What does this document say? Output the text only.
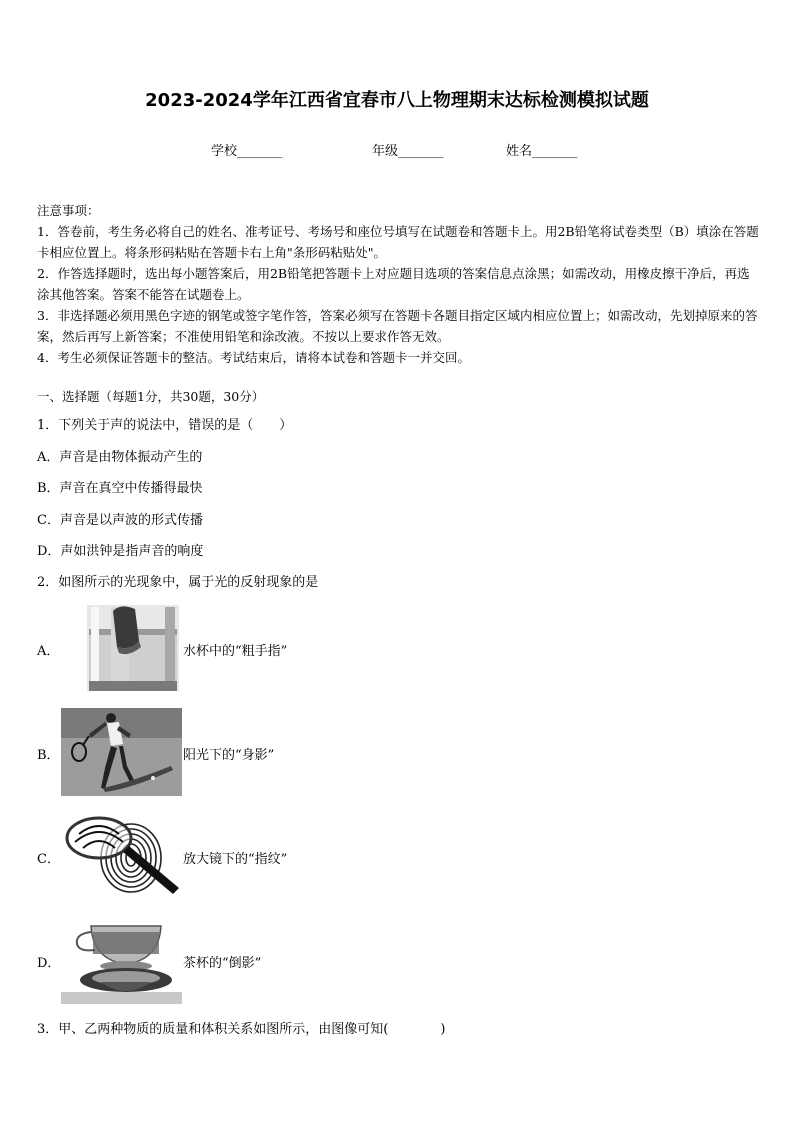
2023-2024学年江西省宜春市八上物理期末达标检测模拟试题
学校_______	年级_______	姓名_______
注意事项：

1．答卷前，考生务必将自己的姓名、准考证号、考场号和座位号填写在试题卷和答题卡上。用2B铅笔将试卷类型（B）填涂在答题卡相应位置上。将条形码粘贴在答题卡右上角"条形码粘贴处"。

2．作答选择题时，选出每小题答案后，用2B铅笔把答题卡上对应题目选项的答案信息点涂黑；如需改动，用橡皮擦干净后，再选涂其他答案。答案不能答在试题卷上。

3．非选择题必须用黑色字迹的钢笔或签字笔作答，答案必须写在答题卡各题目指定区域内相应位置上；如需改动，先划掉原来的答案，然后再写上新答案；不准使用铅笔和涂改液。不按以上要求作答无效。

4．考生必须保证答题卡的整洁。考试结束后，请将本试卷和答题卡一并交回。

一、选择题（每题1分，共30题，30分）
1．下列关于声的说法中，错误的是（　　）
A．声音是由物体振动产生的
B．声音在真空中传播得最快
C．声音是以声波的形式传播
D．声如洪钟是指声音的响度
2．如图所示的光现象中，属于光的反射现象的是
A．	水杯中的“粗手指”
B．	阳光下的“身影”
C．	放大镜下的“指纹”
D．	茶杯的“倒影”
3．甲、乙两种物质的质量和体积关系如图所示，由图像可知(　　　　)
